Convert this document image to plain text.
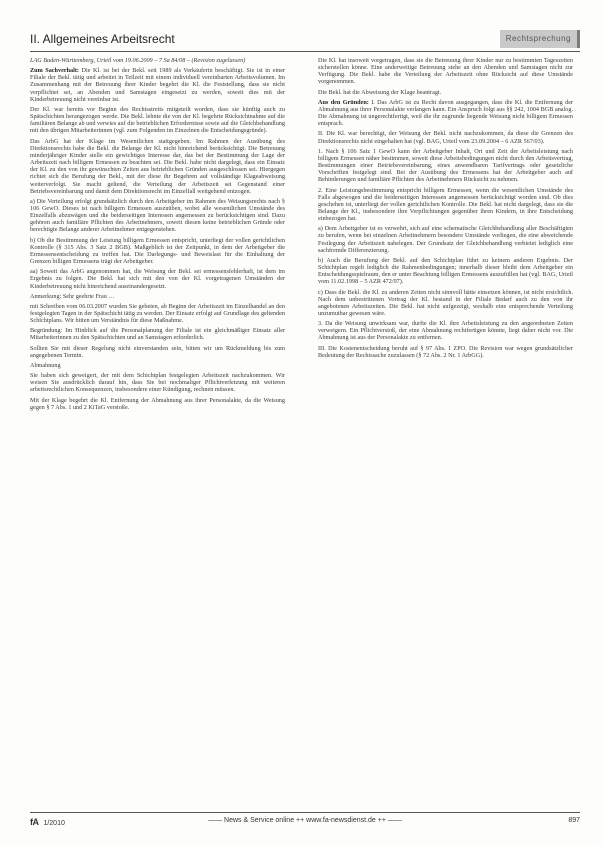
II. Allgemeines Arbeitsrecht	Rechtsprechung

LAG Baden-Württemberg, Urteil vom 19.06.2009 – 7 Sa 84/08 – (Revision zugelassen)

Zum Sachverhalt: Die Kl. ist bei der Bekl. seit 1989 als Verkäuferin beschäftigt. Sie ist in einer Filiale der Bekl. tätig und arbeitet in Teilzeit mit einem individuell vereinbarten Arbeitsvolumen. Im Zusammenhang mit der Betreuung ihrer Kinder begehrt die Kl. die Feststellung, dass sie nicht verpflichtet sei, an Abenden und Samstagen eingesetzt zu werden, soweit dies mit der Kinderbetreuung nicht vereinbar ist.

Der Kl. war bereits vor Beginn des Rechtsstreits mitgeteilt worden, dass sie künftig auch zu Spätschichten herangezogen werde. Die Bekl. lehnte die von der Kl. begehrte Rücksichtnahme auf die familiären Belange ab und verwies auf die betrieblichen Erfordernisse sowie auf die Gleichbehandlung mit den übrigen Mitarbeiterinnen (vgl. zum Folgenden im Einzelnen die Entscheidungsgründe).

Das ArbG hat der Klage im Wesentlichen stattgegeben. Im Rahmen der Ausübung des Direktionsrechts habe die Bekl. die Belange der Kl. nicht hinreichend berücksichtigt. Die Betreuung minderjähriger Kinder stelle ein gewichtiges Interesse dar, das bei der Bestimmung der Lage der Arbeitszeit nach billigem Ermessen zu beachten sei. Die Bekl. habe nicht dargelegt, dass ein Einsatz der Kl. zu den von ihr gewünschten Zeiten aus betrieblichen Gründen ausgeschlossen sei. Hiergegen richtet sich die Berufung der Bekl., mit der diese ihr Begehren auf vollständige Klageabweisung weiterverfolgt. Sie macht geltend, die Verteilung der Arbeitszeit sei Gegenstand einer Betriebsvereinbarung und damit dem Direktionsrecht im Einzelfall weitgehend entzogen.

a) Die Verteilung erfolgt grundsätzlich durch den Arbeitgeber im Rahmen des Weisungsrechts nach § 106 GewO. Dieses ist nach billigem Ermessen auszuüben, wobei alle wesentlichen Umstände des Einzelfalls abzuwägen und die beiderseitigen Interessen angemessen zu berücksichtigen sind. Dazu gehören auch familiäre Pflichten des Arbeitnehmers, soweit diesen keine betrieblichen Gründe oder berechtigte Belange anderer Arbeitnehmer entgegenstehen.

b) Ob die Bestimmung der Leistung billigem Ermessen entspricht, unterliegt der vollen gerichtlichen Kontrolle (§ 315 Abs. 3 Satz 2 BGB). Maßgeblich ist der Zeitpunkt, in dem der Arbeitgeber die Ermessensentscheidung zu treffen hat. Die Darlegungs- und Beweislast für die Einhaltung der Grenzen billigen Ermessens trägt der Arbeitgeber.

aa) Soweit das ArbG angenommen hat, die Weisung der Bekl. sei ermessensfehlerhaft, ist dem im Ergebnis zu folgen. Die Bekl. hat sich mit den von der Kl. vorgetragenen Umständen der Kinderbetreuung nicht hinreichend auseinandergesetzt.

Anmerkung: Sehr geehrte Frau …

mit Schreiben vom 06.03.2007 wurden Sie gebeten, ab Beginn der Arbeitszeit im Einzelhandel an den festgelegten Tagen in der Spätschicht tätig zu werden. Der Einsatz erfolgt auf Grundlage des geltenden Schichtplans. Wir bitten um Verständnis für diese Maßnahme.

Begründung: Im Hinblick auf die Personalplanung der Filiale ist ein gleichmäßiger Einsatz aller Mitarbeiterinnen zu den Spätschichten und an Samstagen erforderlich.

Sollten Sie mit dieser Regelung nicht einverstanden sein, bitten wir um Rückmeldung bis zum angegebenen Termin.

Abmahnung

Sie haben sich geweigert, der mit dem Schichtplan festgelegten Arbeitszeit nachzukommen. Wir weisen Sie ausdrücklich darauf hin, dass Sie bei nochmaliger Pflichtverletzung mit weiteren arbeitsrechtlichen Konsequenzen, insbesondere einer Kündigung, rechnen müssen.

Mit der Klage begehrt die Kl. Entfernung der Abmahnung aus ihrer Personalakte, da die Weisung gegen § 7 Abs. 1 und 2 KiTaG verstoße.

Die Kl. hat insoweit vorgetragen, dass sie die Betreuung ihrer Kinder nur zu bestimmten Tageszeiten sicherstellen könne. Eine anderweitige Betreuung stehe an den Abenden und Samstagen nicht zur Verfügung. Die Bekl. habe die Verteilung der Arbeitszeit ohne Rücksicht auf diese Umstände vorgenommen.

Die Bekl. hat die Abweisung der Klage beantragt.

Aus den Gründen: I. Das ArbG ist zu Recht davon ausgegangen, dass die Kl. die Entfernung der Abmahnung aus ihrer Personalakte verlangen kann. Ein Anspruch folgt aus §§ 242, 1004 BGB analog. Die Abmahnung ist ungerechtfertigt, weil die ihr zugrunde liegende Weisung nicht billigem Ermessen entsprach.

II. Die Kl. war berechtigt, der Weisung der Bekl. nicht nachzukommen, da diese die Grenzen des Direktionsrechts nicht eingehalten hat (vgl. BAG, Urteil vom 23.09.2004 – 6 AZR 567/03).

1. Nach § 106 Satz 1 GewO kann der Arbeitgeber Inhalt, Ort und Zeit der Arbeitsleistung nach billigem Ermessen näher bestimmen, soweit diese Arbeitsbedingungen nicht durch den Arbeitsvertrag, Bestimmungen einer Betriebsvereinbarung, eines anwendbaren Tarifvertrags oder gesetzliche Vorschriften festgelegt sind. Bei der Ausübung des Ermessens hat der Arbeitgeber auch auf Behinderungen und familiäre Pflichten des Arbeitnehmers Rücksicht zu nehmen.

2. Eine Leistungsbestimmung entspricht billigem Ermessen, wenn die wesentlichen Umstände des Falls abgewogen und die beiderseitigen Interessen angemessen berücksichtigt worden sind. Ob dies geschehen ist, unterliegt der vollen gerichtlichen Kontrolle. Die Bekl. hat nicht dargelegt, dass sie die Belange der Kl., insbesondere ihre Verpflichtungen gegenüber ihren Kindern, in ihre Entscheidung einbezogen hat.

a) Dem Arbeitgeber ist es verwehrt, sich auf eine schematische Gleichbehandlung aller Beschäftigten zu berufen, wenn bei einzelnen Arbeitnehmern besondere Umstände vorliegen, die eine abweichende Festlegung der Arbeitszeit nahelegen. Der Grundsatz der Gleichbehandlung verbietet lediglich eine sachfremde Differenzierung.

b) Auch die Berufung der Bekl. auf den Schichtplan führt zu keinem anderen Ergebnis. Der Schichtplan regelt lediglich die Rahmenbedingungen; innerhalb dieser bleibt dem Arbeitgeber ein Entscheidungsspielraum, den er unter Beachtung billigen Ermessens auszufüllen hat (vgl. BAG, Urteil vom 11.02.1998 – 5 AZR 472/97).

c) Dass die Bekl. die Kl. zu anderen Zeiten nicht sinnvoll hätte einsetzen können, ist nicht ersichtlich. Nach dem unbestrittenen Vortrag der Kl. bestand in der Filiale Bedarf auch zu den von ihr angebotenen Arbeitszeiten. Die Bekl. hat nicht aufgezeigt, weshalb eine entsprechende Verteilung unzumutbar gewesen wäre.

3. Da die Weisung unwirksam war, durfte die Kl. ihre Arbeitsleistung zu den angeordneten Zeiten verweigern. Ein Pflichtverstoß, der eine Abmahnung rechtfertigen könnte, liegt daher nicht vor. Die Abmahnung ist aus der Personalakte zu entfernen.

III. Die Kostenentscheidung beruht auf § 97 Abs. 1 ZPO. Die Revision war wegen grundsätzlicher Bedeutung der Rechtssache zuzulassen (§ 72 Abs. 2 Nr. 1 ArbGG).

fA 1/2010	—— News & Service online ++ www.fa-newsdienst.de ++ ——	897
